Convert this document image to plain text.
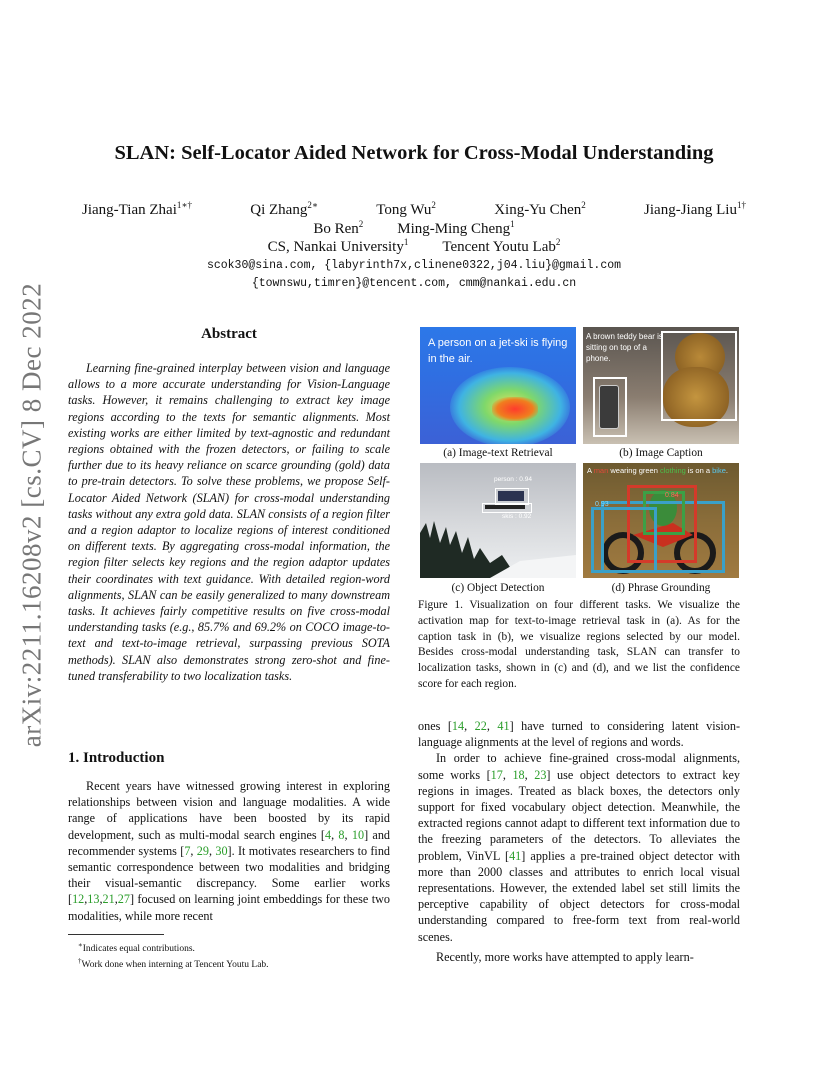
arXiv:2211.16208v2 [cs.CV] 8 Dec 2022
SLAN: Self-Locator Aided Network for Cross-Modal Understanding
Jiang-Tian Zhai$^{1∗\dagger}$	Qi Zhang$^{2∗}$	Tong Wu$^2$	Xing-Yu Chen$^2$	Jiang-Jiang Liu$^{1\dagger}$
Bo Ren$^2$ Ming-Ming Cheng$^1$
CS, Nankai University$^1$ Tencent Youtu Lab$^2$
scok30@sina.com, {labyrinth7x,clinene0322,j04.liu}@gmail.com
{townswu,timren}@tencent.com, cmm@nankai.edu.cn
Abstract

Learning fine-grained interplay between vision and language allows to a more accurate understanding for Vision-Language tasks. However, it remains challenging to extract key image regions according to the texts for semantic alignments. Most existing works are either limited by text-agnostic and redundant regions obtained with the frozen detectors, or failing to scale further due to its heavy reliance on scarce grounding (gold) data to pre-train detectors. To solve these problems, we propose Self-Locator Aided Network (SLAN) for cross-modal understanding tasks without any extra gold data. SLAN consists of a region filter and a region adaptor to localize regions of interest conditioned on different texts. By aggregating cross-modal information, the region filter selects key regions and the region adaptor updates their coordinates with text guidance. With detailed region-word alignments, SLAN can be easily generalized to many downstream tasks. It achieves fairly competitive results on five cross-modal understanding tasks (e.g., 85.7% and 69.2% on COCO image-to-text and text-to-image retrieval, surpassing previous SOTA methods). SLAN also demonstrates strong zero-shot and fine-tuned transferability to two localization tasks.

1. Introduction

Recent years have witnessed growing interest in exploring relationships between vision and language modalities. A wide range of applications have been boosted by its rapid development, such as multi-modal search engines [4, 8, 10] and recommender systems [7, 29, 30]. It motivates researchers to find semantic correspondence between two modalities and bridging their visual-semantic discrepancy. Some earlier works [12,13,21,27] focused on learning joint embeddings for these two modalities, while more recent

∗Indicates equal contributions.
†Work done when interning at Tencent Youtu Lab.
A person on a jet-ski is flying in the air.
(a) Image-text Retrieval
A brown teddy bear is sitting on top of a phone.
(b) Image Caption
person : 0.94
skis : 0.92
(c) Object Detection
A man wearing green clothing is on a bike.
0.84
0.93
(d) Phrase Grounding
Figure 1. Visualization on four different tasks. We visualize the activation map for text-to-image retrieval task in (a). As for the caption task in (b), we visualize regions selected by our model. Besides cross-modal understanding task, SLAN can transfer to localization tasks, shown in (c) and (d), and we list the confidence score for each region.

ones [14, 22, 41] have turned to considering latent vision-language alignments at the level of regions and words.

In order to achieve fine-grained cross-modal alignments, some works [17, 18, 23] use object detectors to extract key regions in images. Treated as black boxes, the detectors only support for fixed vocabulary object detection. Meanwhile, the extracted regions cannot adapt to different text information due to the freezing parameters of the detectors. To alleviates the problem, VinVL [41] applies a pre-trained object detector with more than 2000 classes and attributes to enrich local visual representations. However, the extended label set still limits the perceptive capability of object detectors for cross-modal understanding compared to free-form text from real-world scenes.

Recently, more works have attempted to apply learn-
